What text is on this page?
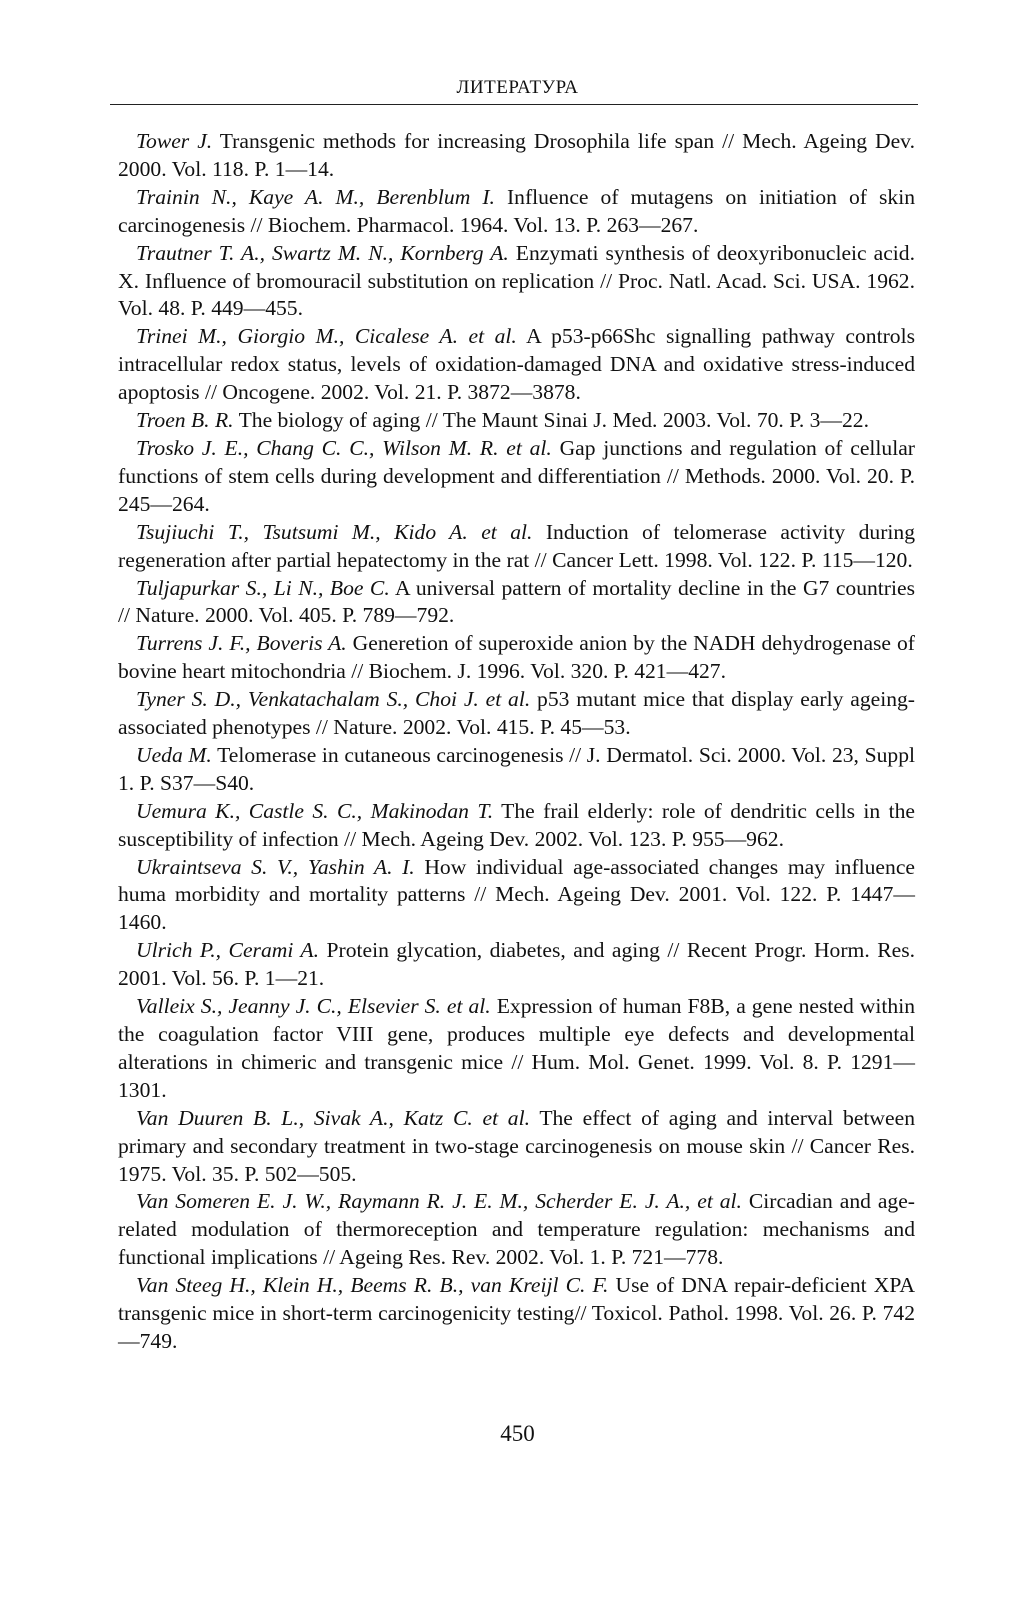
ЛИТЕРАТУРА

Tower J. Transgenic methods for increasing Drosophila life span // Mech. Ageing Dev. 2000. Vol. 118. P. 1—14.

Trainin N., Kaye A. M., Berenblum I. Influence of mutagens on initiation of skin carcinogenesis // Biochem. Pharmacol. 1964. Vol. 13. P. 263—267.

Trautner T. A., Swartz M. N., Kornberg A. Enzymati synthesis of deoxyribonucleic acid. X. Influence of bromouracil substitution on replication // Proc. Natl. Acad. Sci. USA. 1962. Vol. 48. P. 449—455.

Trinei M., Giorgio M., Cicalese A. et al. A p53-p66Shc signalling pathway controls intracellular redox status, levels of oxidation-damaged DNA and oxidative stress-induced apoptosis // Oncogene. 2002. Vol. 21. P. 3872—3878.

Troen B. R. The biology of aging // The Maunt Sinai J. Med. 2003. Vol. 70. P. 3—22.

Trosko J. E., Chang C. C., Wilson M. R. et al. Gap junctions and regulation of cellular functions of stem cells during development and differentiation // Methods. 2000. Vol. 20. P. 245—264.

Tsujiuchi T., Tsutsumi M., Kido A. et al. Induction of telomerase activity during regeneration after partial hepatectomy in the rat // Cancer Lett. 1998. Vol. 122. P. 115—120.

Tuljapurkar S., Li N., Boe C. A universal pattern of mortality decline in the G7 countries // Nature. 2000. Vol. 405. P. 789—792.

Turrens J. F., Boveris A. Generetion of superoxide anion by the NADH dehydrogenase of bovine heart mitochondria // Biochem. J. 1996. Vol. 320. P. 421—427.

Tyner S. D., Venkatachalam S., Choi J. et al. p53 mutant mice that display early ageing-associated phenotypes // Nature. 2002. Vol. 415. P. 45—53.

Ueda M. Telomerase in cutaneous carcinogenesis // J. Dermatol. Sci. 2000. Vol. 23, Suppl 1. P. S37—S40.

Uemura K., Castle S. C., Makinodan T. The frail elderly: role of dendritic cells in the susceptibility of infection // Mech. Ageing Dev. 2002. Vol. 123. P. 955—962.

Ukraintseva S. V., Yashin A. I. How individual age-associated changes may influence huma morbidity and mortality patterns // Mech. Ageing Dev. 2001. Vol. 122. P. 1447—1460.

Ulrich P., Cerami A. Protein glycation, diabetes, and aging // Recent Progr. Horm. Res. 2001. Vol. 56. P. 1—21.

Valleix S., Jeanny J. C., Elsevier S. et al. Expression of human F8B, a gene nested within the coagulation factor VIII gene, produces multiple eye defects and developmental alterations in chimeric and transgenic mice // Hum. Mol. Genet. 1999. Vol. 8. P. 1291—1301.

Van Duuren B. L., Sivak A., Katz C. et al. The effect of aging and interval between primary and secondary treatment in two-stage carcinogenesis on mouse skin // Cancer Res. 1975. Vol. 35. P. 502—505.

Van Someren E. J. W., Raymann R. J. E. M., Scherder E. J. A., et al. Circadian and age-related modulation of thermoreception and temperature regulation: mechanisms and functional implications // Ageing Res. Rev. 2002. Vol. 1. P. 721—778.

Van Steeg H., Klein H., Beems R. B., van Kreijl C. F. Use of DNA repair-deficient XPA transgenic mice in short-term carcinogenicity testing// Toxicol. Pathol. 1998. Vol. 26. P. 742—749.

450
